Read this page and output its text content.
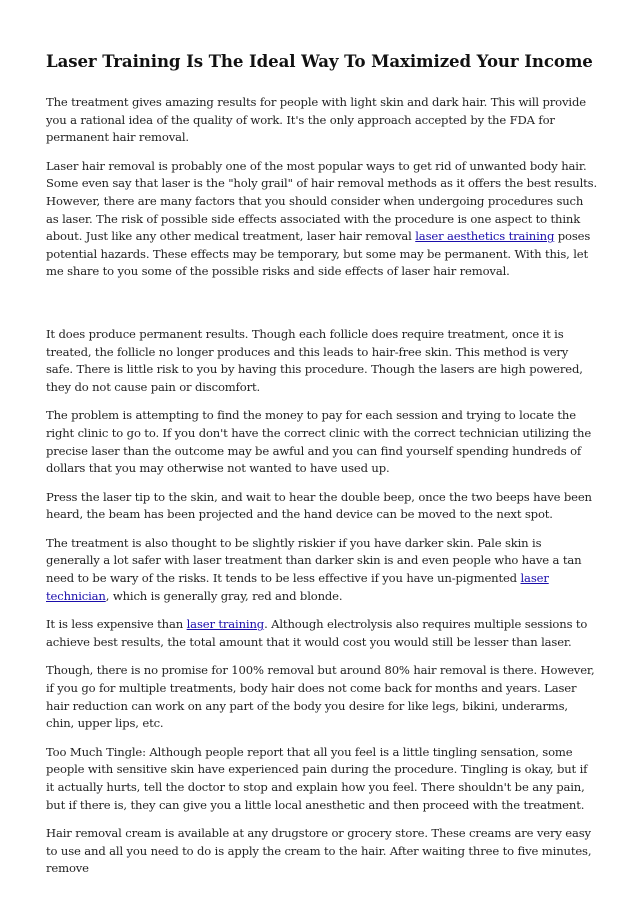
Laser Training Is The Ideal Way To Maximized Your Income

The treatment gives amazing results for people with light skin and dark hair. This will provide you a rational idea of the quality of work. It's the only approach accepted by the FDA for permanent hair removal.

Laser hair removal is probably one of the most popular ways to get rid of unwanted body hair. Some even say that laser is the "holy grail" of hair removal methods as it offers the best results. However, there are many factors that you should consider when undergoing procedures such as laser. The risk of possible side effects associated with the procedure is one aspect to think about. Just like any other medical treatment, laser hair removal laser aesthetics training poses potential hazards. These effects may be temporary, but some may be permanent. With this, let me share to you some of the possible risks and side effects of laser hair removal.

It does produce permanent results. Though each follicle does require treatment, once it is treated, the follicle no longer produces and this leads to hair-free skin. This method is very safe. There is little risk to you by having this procedure. Though the lasers are high powered, they do not cause pain or discomfort.

The problem is attempting to find the money to pay for each session and trying to locate the right clinic to go to. If you don't have the correct clinic with the correct technician utilizing the precise laser than the outcome may be awful and you can find yourself spending hundreds of dollars that you may otherwise not wanted to have used up.

Press the laser tip to the skin, and wait to hear the double beep, once the two beeps have been heard, the beam has been projected and the hand device can be moved to the next spot.

The treatment is also thought to be slightly riskier if you have darker skin. Pale skin is generally a lot safer with laser treatment than darker skin is and even people who have a tan need to be wary of the risks. It tends to be less effective if you have un-pigmented laser technician, which is generally gray, red and blonde.

It is less expensive than laser training. Although electrolysis also requires multiple sessions to achieve best results, the total amount that it would cost you would still be lesser than laser.

Though, there is no promise for 100% removal but around 80% hair removal is there. However, if you go for multiple treatments, body hair does not come back for months and years. Laser hair reduction can work on any part of the body you desire for like legs, bikini, underarms, chin, upper lips, etc.

Too Much Tingle: Although people report that all you feel is a little tingling sensation, some people with sensitive skin have experienced pain during the procedure. Tingling is okay, but if it actually hurts, tell the doctor to stop and explain how you feel. There shouldn't be any pain, but if there is, they can give you a little local anesthetic and then proceed with the treatment.

Hair removal cream is available at any drugstore or grocery store. These creams are very easy to use and all you need to do is apply the cream to the hair. After waiting three to five minutes, remove
